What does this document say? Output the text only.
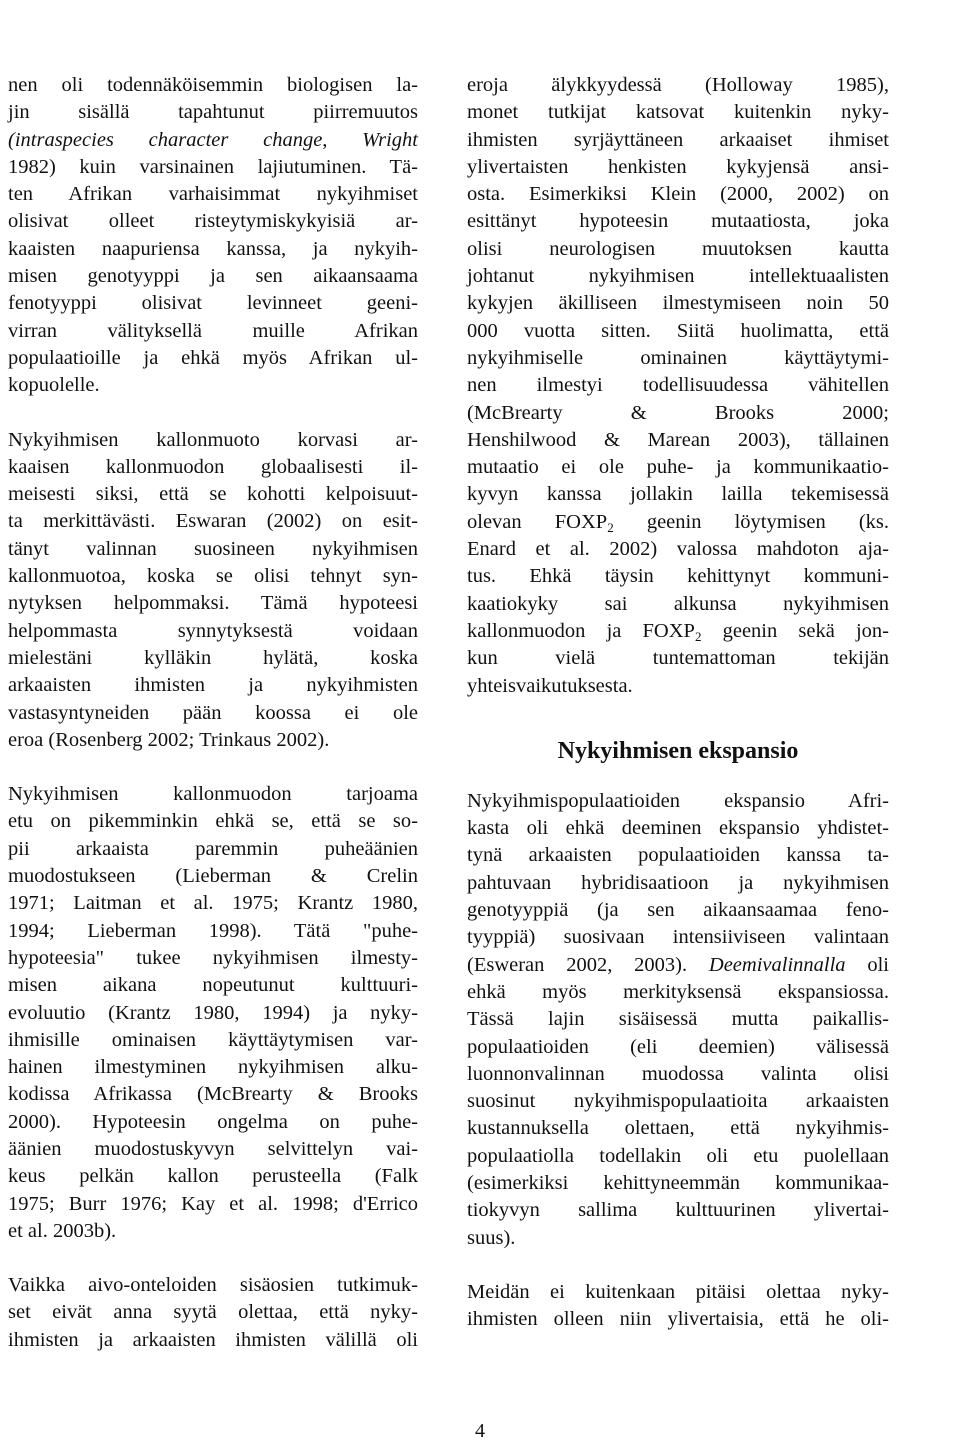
nen oli todennäköisemmin biologisen la-
jin sisällä tapahtunut piirremuutos
(intraspecies character change, Wright
1982) kuin varsinainen lajiutuminen. Tä-
ten Afrikan varhaisimmat nykyihmiset
olisivat olleet risteytymiskykyisiä ar-
kaaisten naapuriensa kanssa, ja nykyih-
misen genotyyppi ja sen aikaansaama
fenotyyppi olisivat levinneet geeni-
virran välityksellä muille Afrikan
populaatioille ja ehkä myös Afrikan ul-
kopuolelle.
Nykyihmisen kallonmuoto korvasi ar-
kaaisen kallonmuodon globaalisesti il-
meisesti siksi, että se kohotti kelpoisuut-
ta merkittävästi. Eswaran (2002) on esit-
tänyt valinnan suosineen nykyihmisen
kallonmuotoa, koska se olisi tehnyt syn-
nytyksen helpommaksi. Tämä hypoteesi
helpommasta synnytyksestä voidaan
mielestäni kylläkin hylätä, koska
arkaaisten ihmisten ja nykyihmisten
vastasyntyneiden pään koossa ei ole
eroa (Rosenberg 2002; Trinkaus 2002).
Nykyihmisen kallonmuodon tarjoama
etu on pikemminkin ehkä se, että se so-
pii arkaaista paremmin puheäänien
muodostukseen (Lieberman & Crelin
1971; Laitman et al. 1975; Krantz 1980,
1994; Lieberman 1998). Tätä "puhe-
hypoteesia" tukee nykyihmisen ilmesty-
misen aikana nopeutunut kulttuuri-
evoluutio (Krantz 1980, 1994) ja nyky-
ihmisille ominaisen käyttäytymisen var-
hainen ilmestyminen nykyihmisen alku-
kodissa Afrikassa (McBrearty & Brooks
2000). Hypoteesin ongelma on puhe-
äänien muodostuskyvyn selvittelyn vai-
keus pelkän kallon perusteella (Falk
1975; Burr 1976; Kay et al. 1998; d'Errico
et al. 2003b).
Vaikka aivo-onteloiden sisäosien tutkimuk-
set eivät anna syytä olettaa, että nyky-
ihmisten ja arkaaisten ihmisten välillä oli
eroja älykkyydessä (Holloway 1985),
monet tutkijat katsovat kuitenkin nyky-
ihmisten syrjäyttäneen arkaaiset ihmiset
ylivertaisten henkisten kykyjensä ansi-
osta. Esimerkiksi Klein (2000, 2002) on
esittänyt hypoteesin mutaatiosta, joka
olisi neurologisen muutoksen kautta
johtanut nykyihmisen intellektuaalisten
kykyjen äkilliseen ilmestymiseen noin 50
000 vuotta sitten. Siitä huolimatta, että
nykyihmiselle ominainen käyttäytymi-
nen ilmestyi todellisuudessa vähitellen
(McBrearty & Brooks 2000;
Henshilwood & Marean 2003), tällainen
mutaatio ei ole puhe- ja kommunikaatio-
kyvyn kanssa jollakin lailla tekemisessä
olevan $FOXP_2$ geenin löytymisen (ks.
Enard et al. 2002) valossa mahdoton aja-
tus. Ehkä täysin kehittynyt kommuni-
kaatiokyky sai alkunsa nykyihmisen
kallonmuodon ja $FOXP_2$ geenin sekä jon-
kun vielä tuntemattoman tekijän
yhteisvaikutuksesta.
Nykyihmisen ekspansio
Nykyihmispopulaatioiden ekspansio Afri-
kasta oli ehkä deeminen ekspansio yhdistet-
tynä arkaaisten populaatioiden kanssa ta-
pahtuvaan hybridisaatioon ja nykyihmisen
genotyyppiä (ja sen aikaansaamaa feno-
tyyppiä) suosivaan intensiiviseen valintaan
(Esweran 2002, 2003). Deemivalinnalla oli
ehkä myös merkityksensä ekspansiossa.
Tässä lajin sisäisessä mutta paikallis-
populaatioiden (eli deemien) välisessä
luonnonvalinnan muodossa valinta olisi
suosinut nykyihmispopulaatioita arkaaisten
kustannuksella olettaen, että nykyihmis-
populaatiolla todellakin oli etu puolellaan
(esimerkiksi kehittyneemmän kommunikaa-
tiokyvyn sallima kulttuurinen ylivertai-
suus).
Meidän ei kuitenkaan pitäisi olettaa nyky-
ihmisten olleen niin ylivertaisia, että he oli-
4
